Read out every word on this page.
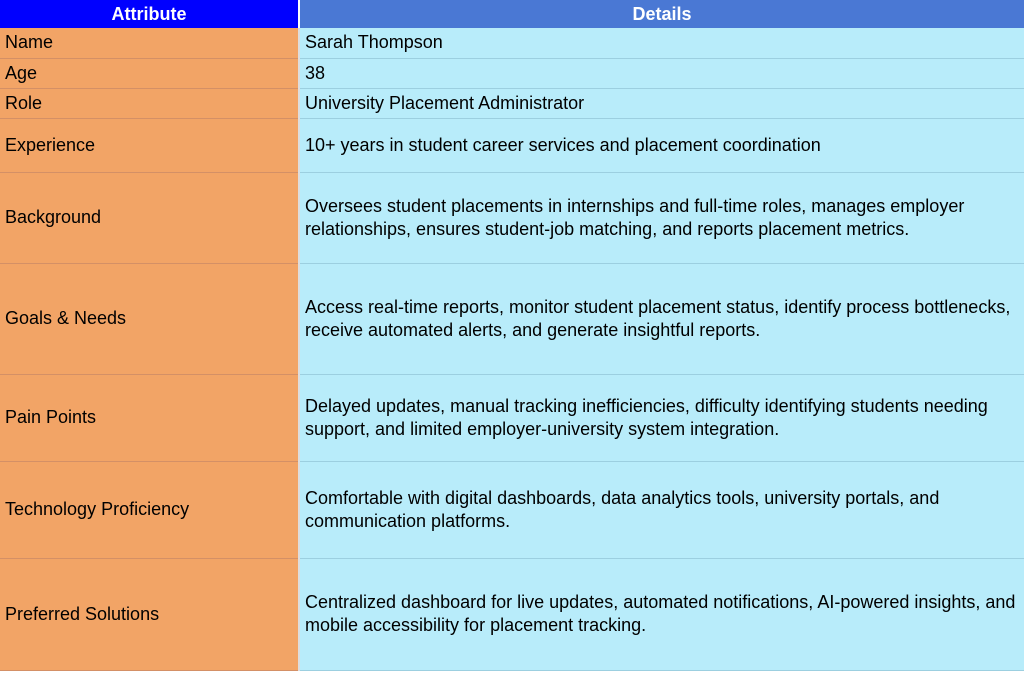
Attribute	Details

Name	Sarah Thompson

Age	38

Role	University Placement Administrator

Experience	10+ years in student career services and placement coordination

Background	Oversees student placements in internships and full-time roles, manages employer relationships, ensures student-job matching, and reports placement metrics.

Goals & Needs	Access real-time reports, monitor student placement status, identify process bottlenecks, receive automated alerts, and generate insightful reports.

Pain Points	Delayed updates, manual tracking inefficiencies, difficulty identifying students needing support, and limited employer-university system integration.

Technology Proficiency	Comfortable with digital dashboards, data analytics tools, university portals, and communication platforms.

Preferred Solutions	Centralized dashboard for live updates, automated notifications, AI-powered insights, and mobile accessibility for placement tracking.
